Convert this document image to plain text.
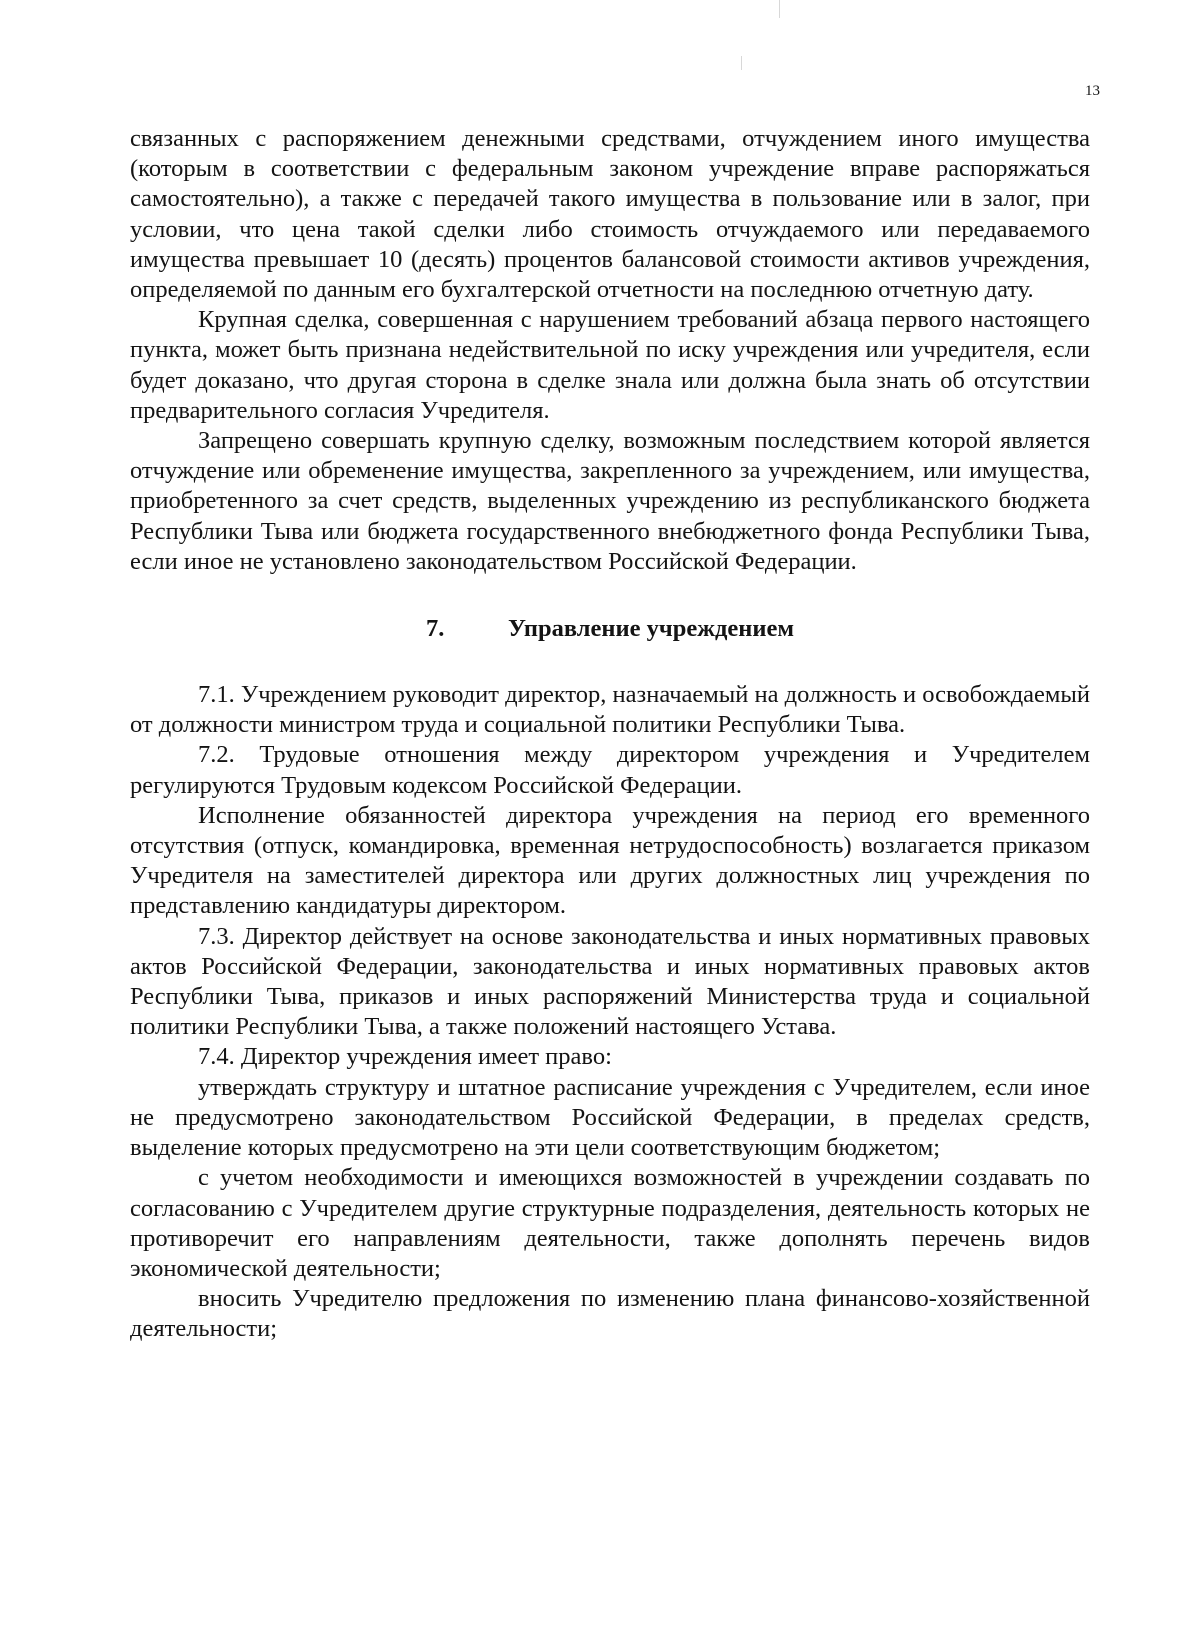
13

связанных с распоряжением денежными средствами, отчуждением иного имущества (которым в соответствии с федеральным законом учреждение вправе распоряжаться самостоятельно), а также с передачей такого имущества в пользование или в залог, при условии, что цена такой сделки либо стоимость отчуждаемого или передаваемого имущества превышает 10 (десять) процентов балансовой стоимости активов учреждения, определяемой по данным его бухгалтерской отчетности на последнюю отчетную дату.

Крупная сделка, совершенная с нарушением требований абзаца первого настоящего пункта, может быть признана недействительной по иску учреждения или учредителя, если будет доказано, что другая сторона в сделке знала или должна была знать об отсутствии предварительного согласия Учредителя.

Запрещено совершать крупную сделку, возможным последствием которой является отчуждение или обременение имущества, закрепленного за учреждением, или имущества, приобретенного за счет средств, выделенных учреждению из республиканского бюджета Республики Тыва или бюджета государственного внебюджетного фонда Республики Тыва, если иное не установлено законодательством Российской Федерации.

7.	Управление учреждением

7.1. Учреждением руководит директор, назначаемый на должность и освобождаемый от должности министром труда и социальной политики Республики Тыва.

7.2. Трудовые отношения между директором учреждения и Учредителем регулируются Трудовым кодексом Российской Федерации.

Исполнение обязанностей директора учреждения на период его временного отсутствия (отпуск, командировка, временная нетрудоспособность) возлагается приказом Учредителя на заместителей директора или других должностных лиц учреждения по представлению кандидатуры директором.

7.3. Директор действует на основе законодательства и иных нормативных правовых актов Российской Федерации, законодательства и иных нормативных правовых актов Республики Тыва, приказов и иных распоряжений Министерства труда и социальной политики Республики Тыва, а также положений настоящего Устава.

7.4. Директор учреждения имеет право:

утверждать структуру и штатное расписание учреждения с Учредителем, если иное не предусмотрено законодательством Российской Федерации, в пределах средств, выделение которых предусмотрено на эти цели соответствующим бюджетом;

с учетом необходимости и имеющихся возможностей в учреждении создавать по согласованию с Учредителем другие структурные подразделения, деятельность которых не противоречит его направлениям деятельности, также дополнять перечень видов экономической деятельности;

вносить Учредителю предложения по изменению плана финансово-хозяйственной деятельности;
